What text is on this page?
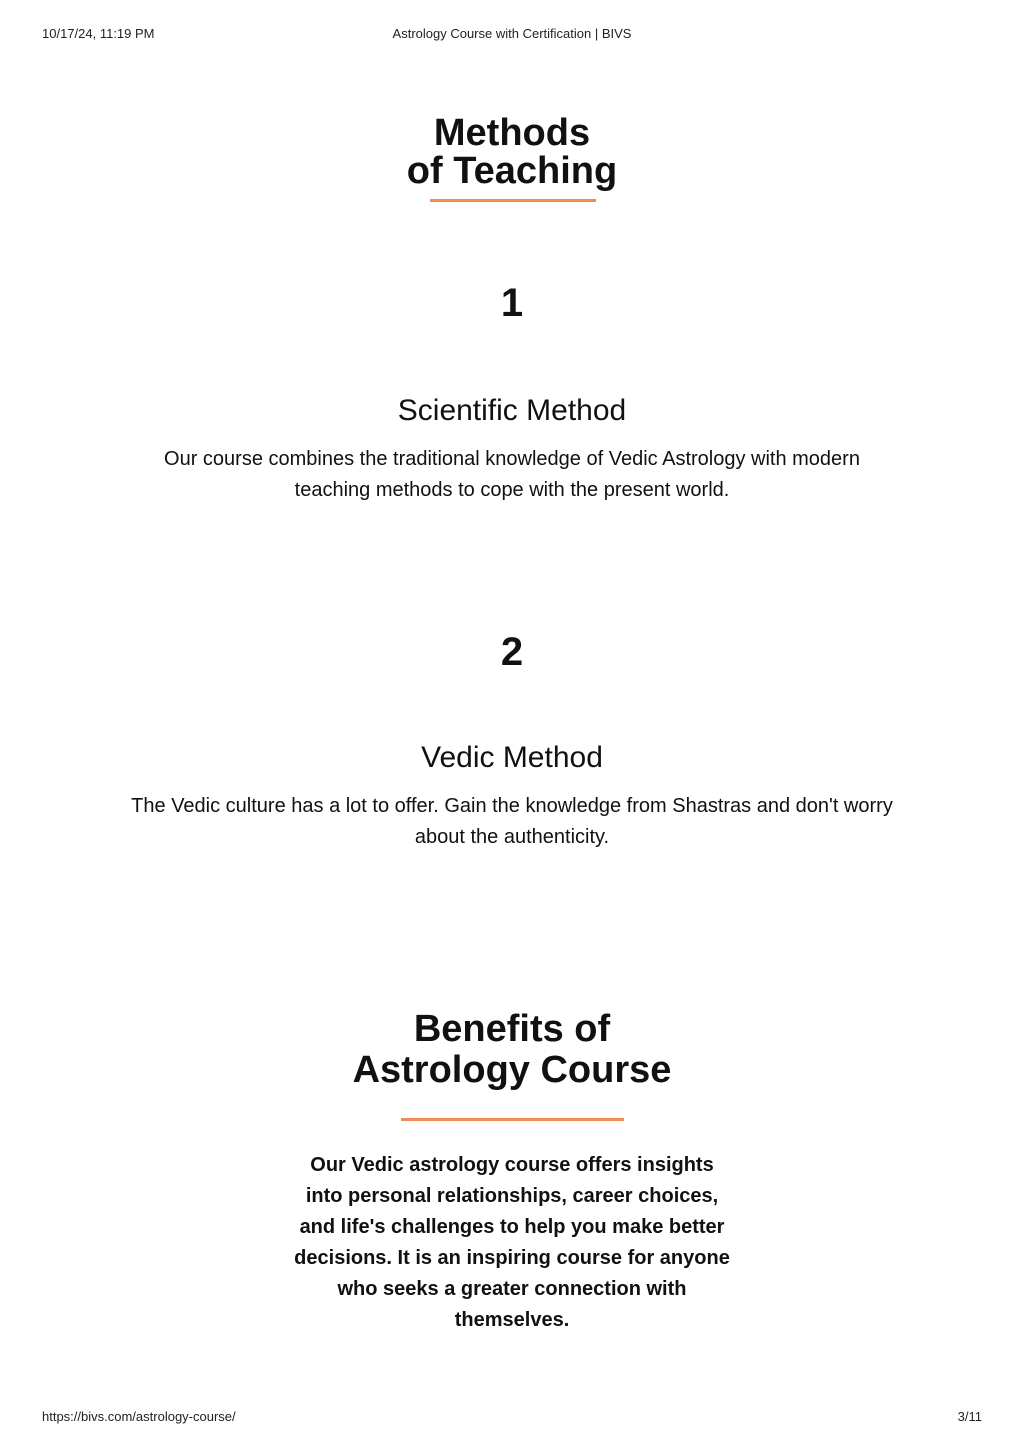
10/17/24, 11:19 PM	Astrology Course with Certification | BIVS
Methods
of Teaching
1
Scientific Method
Our course combines the traditional knowledge of Vedic Astrology with modern
teaching methods to cope with the present world.
2
Vedic Method
The Vedic culture has a lot to offer. Gain the knowledge from Shastras and don't worry
about the authenticity.
Benefits of
Astrology Course
Our Vedic astrology course offers insights
into personal relationships, career choices,
and life's challenges to help you make better
decisions. It is an inspiring course for anyone
who seeks a greater connection with
themselves.
https://bivs.com/astrology-course/	3/11
